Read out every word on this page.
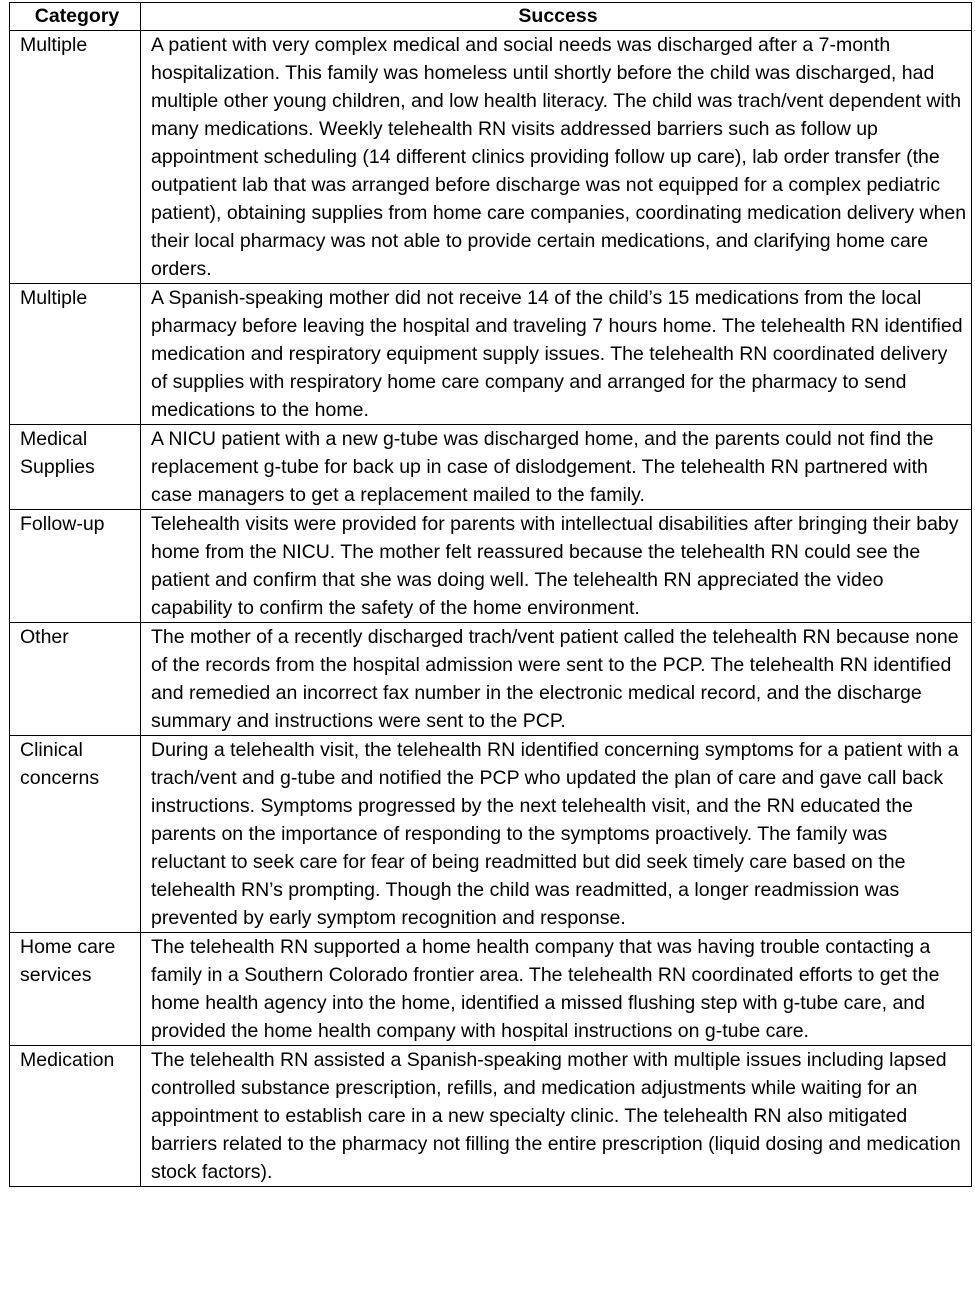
Category	Success
Multiple	A patient with very complex medical and social needs was discharged after a 7-month hospitalization. This family was homeless until shortly before the child was discharged, had multiple other young children, and low health literacy. The child was trach/vent dependent with many medications. Weekly telehealth RN visits addressed barriers such as follow up appointment scheduling (14 different clinics providing follow up care), lab order transfer (the outpatient lab that was arranged before discharge was not equipped for a complex pediatric patient), obtaining supplies from home care companies, coordinating medication delivery when their local pharmacy was not able to provide certain medications, and clarifying home care orders.
Multiple	A Spanish-speaking mother did not receive 14 of the child’s 15 medications from the local pharmacy before leaving the hospital and traveling 7 hours home. The telehealth RN identified medication and respiratory equipment supply issues. The telehealth RN coordinated delivery of supplies with respiratory home care company and arranged for the pharmacy to send medications to the home.
Medical Supplies	A NICU patient with a new g-tube was discharged home, and the parents could not find the replacement g-tube for back up in case of dislodgement. The telehealth RN partnered with case managers to get a replacement mailed to the family.
Follow-up	Telehealth visits were provided for parents with intellectual disabilities after bringing their baby home from the NICU. The mother felt reassured because the telehealth RN could see the patient and confirm that she was doing well. The telehealth RN appreciated the video capability to confirm the safety of the home environment.
Other	The mother of a recently discharged trach/vent patient called the telehealth RN because none of the records from the hospital admission were sent to the PCP. The telehealth RN identified and remedied an incorrect fax number in the electronic medical record, and the discharge summary and instructions were sent to the PCP.
Clinical concerns	During a telehealth visit, the telehealth RN identified concerning symptoms for a patient with a trach/vent and g-tube and notified the PCP who updated the plan of care and gave call back instructions. Symptoms progressed by the next telehealth visit, and the RN educated the parents on the importance of responding to the symptoms proactively. The family was reluctant to seek care for fear of being readmitted but did seek timely care based on the telehealth RN’s prompting. Though the child was readmitted, a longer readmission was prevented by early symptom recognition and response.
Home care services	The telehealth RN supported a home health company that was having trouble contacting a family in a Southern Colorado frontier area. The telehealth RN coordinated efforts to get the home health agency into the home, identified a missed flushing step with g-tube care, and provided the home health company with hospital instructions on g-tube care.
Medication	The telehealth RN assisted a Spanish-speaking mother with multiple issues including lapsed controlled substance prescription, refills, and medication adjustments while waiting for an appointment to establish care in a new specialty clinic. The telehealth RN also mitigated barriers related to the pharmacy not filling the entire prescription (liquid dosing and medication stock factors).
